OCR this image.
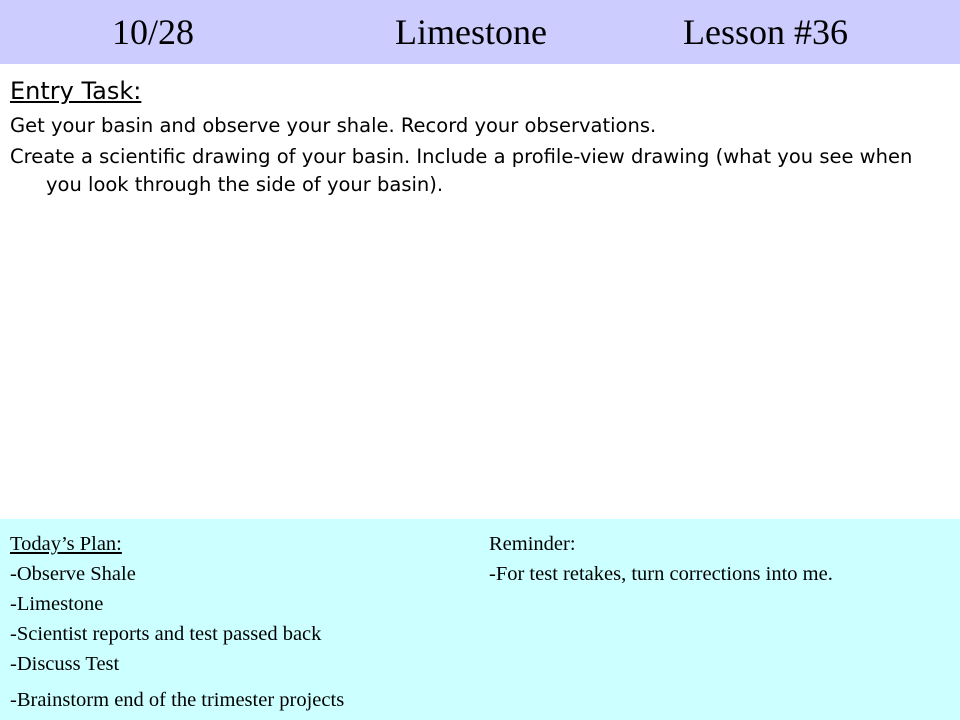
10/28	Limestone	Lesson #36
Entry Task:

Get your basin and observe your shale. Record your observations.

Create a scientific drawing of your basin. Include a profile-view drawing (what you see when you look through the side of your basin).

Today’s Plan:
-Observe Shale
-Limestone
-Scientist reports and test passed back
-Discuss Test
-Brainstorm end of the trimester projects
Reminder:
-For test retakes, turn corrections into me.
